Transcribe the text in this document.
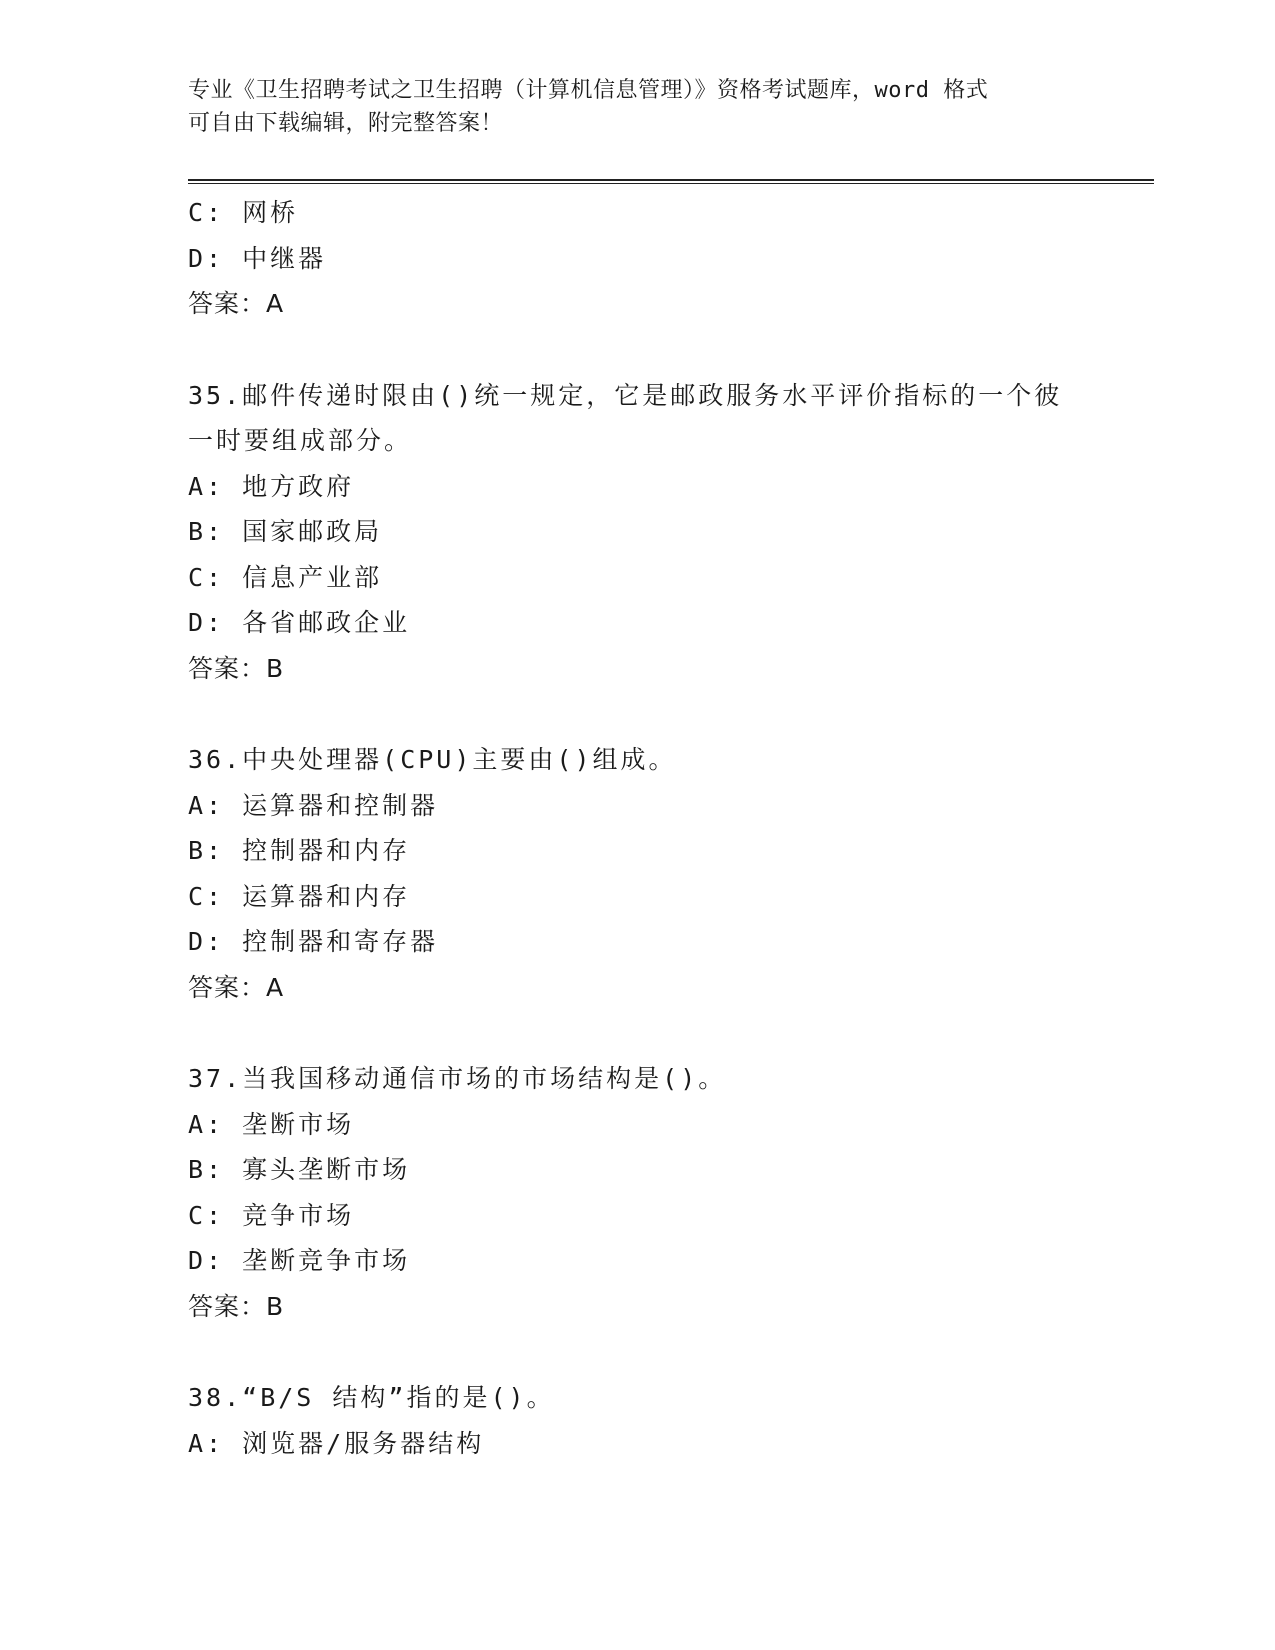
专业《卫生招聘考试之卫生招聘（计算机信息管理）》资格考试题库，word 格式
可自由下载编辑，附完整答案！
C: 网桥
D: 中继器
答案：A
35.邮件传递时限由()统一规定，它是邮政服务水平评价指标的一个彼
一时要组成部分。
A: 地方政府
B: 国家邮政局
C: 信息产业部
D: 各省邮政企业
答案：B
36.中央处理器(CPU)主要由()组成。
A: 运算器和控制器
B: 控制器和内存
C: 运算器和内存
D: 控制器和寄存器
答案：A
37.当我国移动通信市场的市场结构是()。
A: 垄断市场
B: 寡头垄断市场
C: 竞争市场
D: 垄断竞争市场
答案：B
38.“B/S 结构”指的是()。
A: 浏览器/服务器结构
